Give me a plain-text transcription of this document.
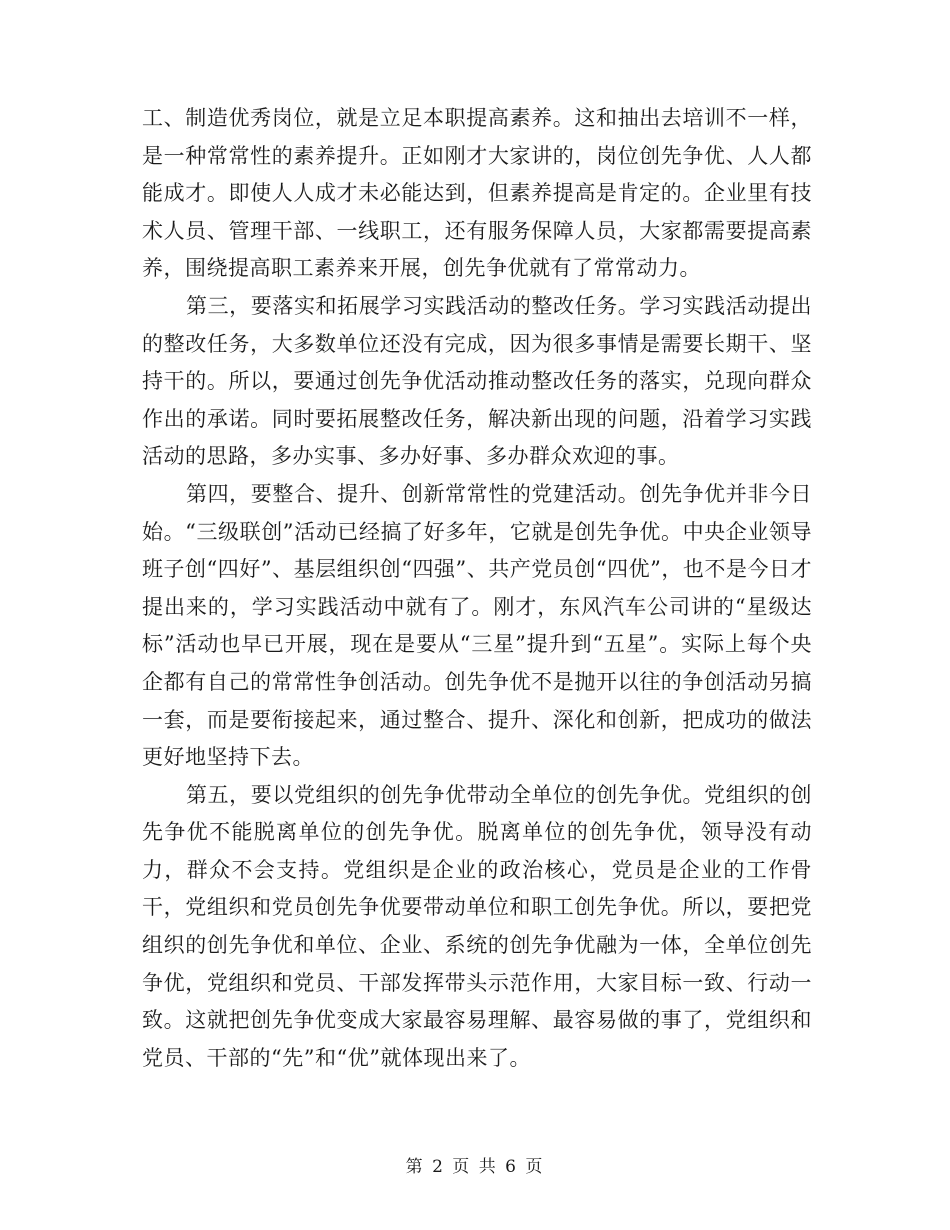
工、制造优秀岗位，就是立足本职提高素养。这和抽出去培训不一样，是一种常常性的素养提升。正如刚才大家讲的，岗位创先争优、人人都能成才。即使人人成才未必能达到，但素养提高是肯定的。企业里有技术人员、管理干部、一线职工，还有服务保障人员，大家都需要提高素养，围绕提高职工素养来开展，创先争优就有了常常动力。

第三，要落实和拓展学习实践活动的整改任务。学习实践活动提出的整改任务，大多数单位还没有完成，因为很多事情是需要长期干、坚持干的。所以，要通过创先争优活动推动整改任务的落实，兑现向群众作出的承诺。同时要拓展整改任务，解决新出现的问题，沿着学习实践活动的思路，多办实事、多办好事、多办群众欢迎的事。

第四，要整合、提升、创新常常性的党建活动。创先争优并非今日始。“三级联创”活动已经搞了好多年，它就是创先争优。中央企业领导班子创“四好”、基层组织创“四强”、共产党员创“四优”，也不是今日才提出来的，学习实践活动中就有了。刚才，东风汽车公司讲的“星级达标”活动也早已开展，现在是要从“三星”提升到“五星”。实际上每个央企都有自己的常常性争创活动。创先争优不是抛开以往的争创活动另搞一套，而是要衔接起来，通过整合、提升、深化和创新，把成功的做法更好地坚持下去。

第五，要以党组织的创先争优带动全单位的创先争优。党组织的创先争优不能脱离单位的创先争优。脱离单位的创先争优，领导没有动力，群众不会支持。党组织是企业的政治核心，党员是企业的工作骨干，党组织和党员创先争优要带动单位和职工创先争优。所以，要把党组织的创先争优和单位、企业、系统的创先争优融为一体，全单位创先争优，党组织和党员、干部发挥带头示范作用，大家目标一致、行动一致。这就把创先争优变成大家最容易理解、最容易做的事了，党组织和党员、干部的“先”和“优”就体现出来了。

第 2 页 共 6 页
